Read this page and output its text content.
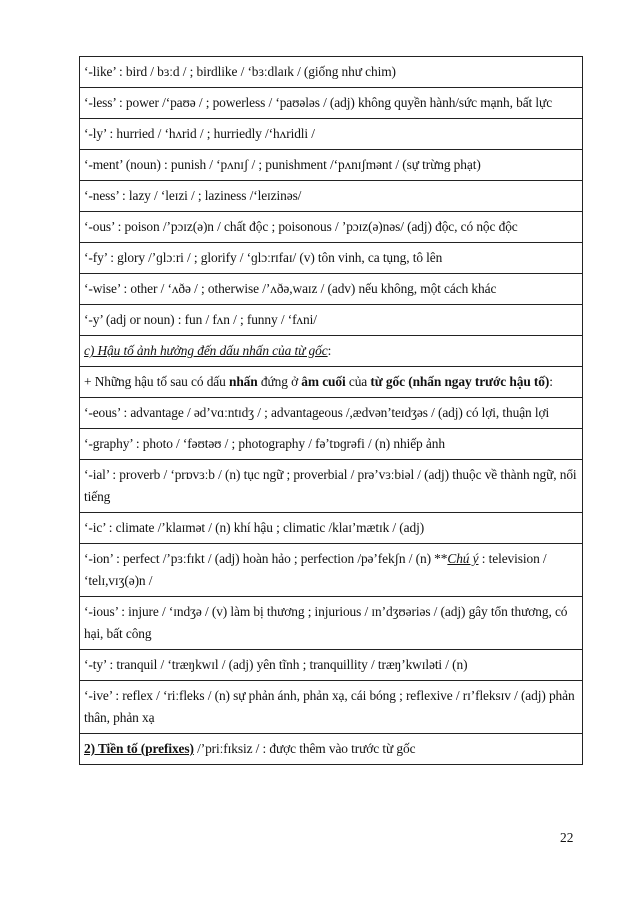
‘-like’ : bird / bɜːd / ; birdlike / ‘bɜːdlaɪk / (giống như chim)
‘-less’ : power /‘paʊə / ; powerless / ‘paʊələs / (adj) không quyền hành/sức mạnh, bất lực
‘-ly’ : hurried / ‘hʌrid / ; hurriedly /‘hʌridli /
‘-ment’ (noun) : punish / ‘pʌnɪʃ / ; punishment /‘pʌnɪʃmənt / (sự trừng phạt)
‘-ness’ : lazy / ‘leɪzi / ; laziness /‘leɪzinəs/
‘-ous’ : poison /’pɔɪz(ə)n / chất độc ; poisonous / ’pɔɪz(ə)nəs/ (adj) độc, có nộc độc
‘-fy’ : glory /’ɡlɔːri / ; glorify / ‘ɡlɔːrɪfaɪ/ (v) tôn vinh, ca tụng, tô lên
‘-wise’ : other / ‘ʌðə / ; otherwise /’ʌðə,waɪz / (adv) nếu không, một cách khác
‘-y’ (adj or noun) : fun / fʌn / ; funny / ‘fʌni/
c) Hậu tố ảnh hưởng đến dấu nhấn của từ gốc:
+ Những hậu tố sau có dấu nhấn đứng ở âm cuối của từ gốc (nhấn ngay trước hậu tố):
‘-eous’ : advantage / əd’vɑːntɪdʒ / ; advantageous /,ædvən’teɪdʒəs / (adj) có lợi, thuận lợi
‘-graphy’ : photo / ‘fəʊtəʊ / ; photography / fə’tɒɡrəfi / (n) nhiếp ảnh
‘-ial’ : proverb / ‘prɒvɜːb / (n) tục ngữ ; proverbial / prə’vɜːbiəl / (adj) thuộc về thành ngữ, nổi tiếng
‘-ic’ : climate /’klaɪmət / (n) khí hậu ; climatic /klaɪ’mætɪk / (adj)
‘-ion’ : perfect /’pɜːfɪkt / (adj) hoàn hảo ; perfection /pə’fekʃn / (n) **Chú ý : television / ‘telɪ,vɪʒ(ə)n /
‘-ious’ : injure / ‘ɪndʒə / (v) làm bị thương ; injurious / ɪn’dʒʊəriəs / (adj) gây tổn thương, có hại, bất công
‘-ty’ : tranquil / ‘træŋkwɪl / (adj) yên tĩnh ; tranquillity / træŋ’kwɪləti / (n)
‘-ive’ : reflex / ‘riːfleks / (n) sự phản ánh, phản xạ, cái bóng ; reflexive / rɪ’fleksɪv / (adj) phản thân, phản xạ
2) Tiền tố (prefixes) /’priːfɪksiz / : được thêm vào trước từ gốc
22
